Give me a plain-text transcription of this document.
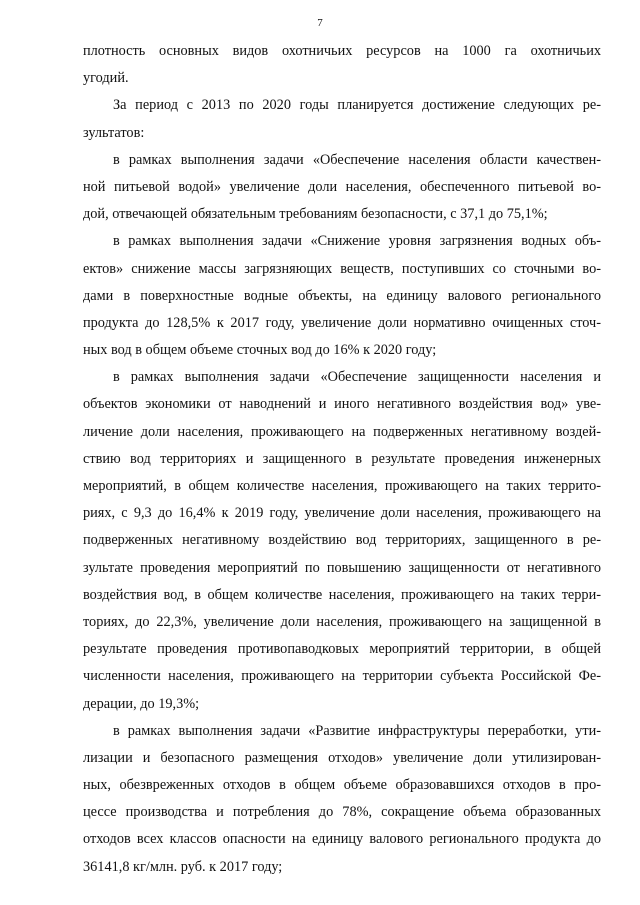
7
плотность основных видов охотничьих ресурсов на 1000 га охотничьих
угодий.
За период с 2013 по 2020 годы планируется достижение следующих ре-
зультатов:
в рамках выполнения задачи «Обеспечение населения области качествен-
ной питьевой водой» увеличение доли населения, обеспеченного питьевой во-
дой, отвечающей обязательным требованиям безопасности, с 37,1 до 75,1%;
в рамках выполнения задачи «Снижение уровня загрязнения водных объ-
ектов» снижение массы загрязняющих веществ, поступивших со сточными во-
дами в поверхностные водные объекты, на единицу валового регионального
продукта до 128,5% к 2017 году, увеличение доли нормативно очищенных сточ-
ных вод в общем объеме сточных вод до 16% к 2020 году;
в рамках выполнения задачи «Обеспечение защищенности населения и
объектов экономики от наводнений и иного негативного воздействия вод» уве-
личение доли населения, проживающего на подверженных негативному воздей-
ствию вод территориях и защищенного в результате проведения инженерных
мероприятий, в общем количестве населения, проживающего на таких террито-
риях, с 9,3 до 16,4% к 2019 году, увеличение доли населения, проживающего на
подверженных негативному воздействию вод территориях, защищенного в ре-
зультате проведения мероприятий по повышению защищенности от негативного
воздействия вод, в общем количестве населения, проживающего на таких терри-
ториях, до 22,3%, увеличение доли населения, проживающего на защищенной в
результате проведения противопаводковых мероприятий территории, в общей
численности населения, проживающего на территории субъекта Российской Фе-
дерации, до 19,3%;
в рамках выполнения задачи «Развитие инфраструктуры переработки, ути-
лизации и безопасного размещения отходов» увеличение доли утилизирован-
ных, обезвреженных отходов в общем объеме образовавшихся отходов в про-
цессе производства и потребления до 78%, сокращение объема образованных
отходов всех классов опасности на единицу валового регионального продукта до
36141,8 кг/млн. руб. к 2017 году;
